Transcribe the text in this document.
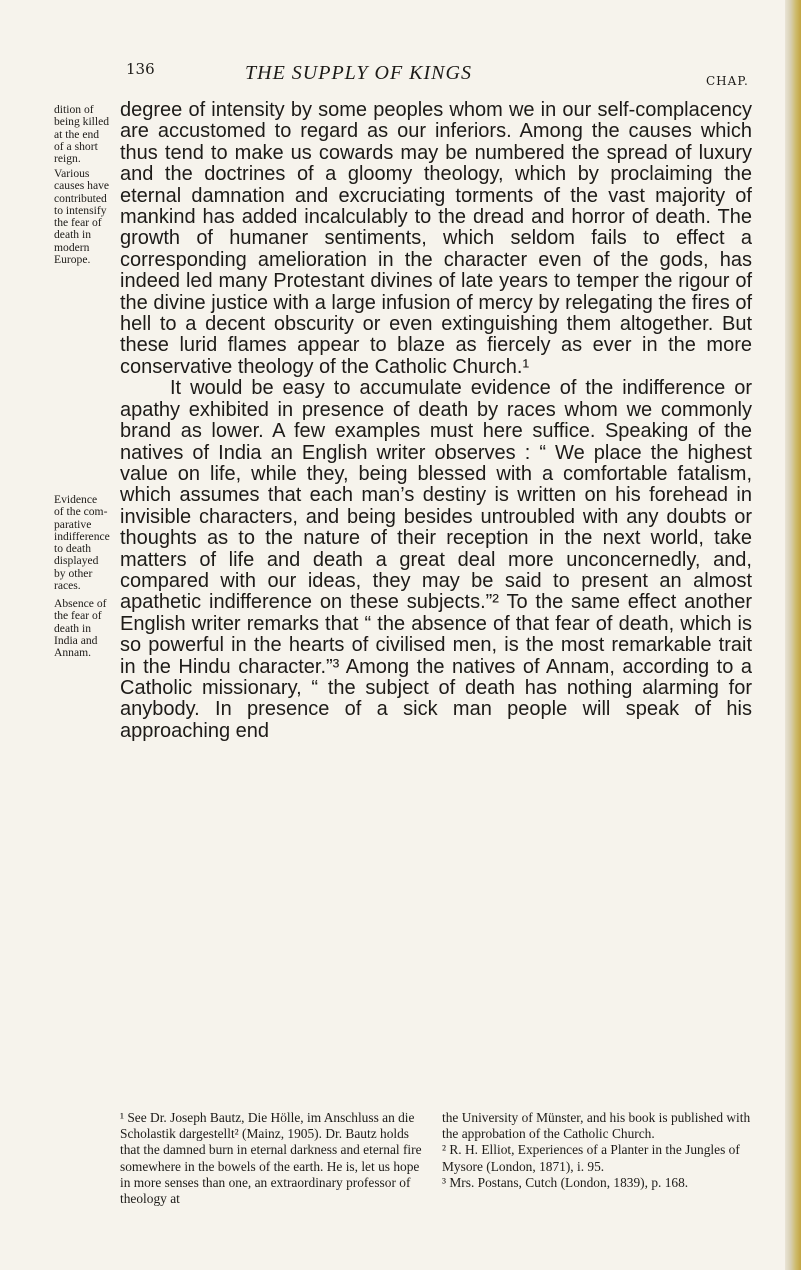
136	THE SUPPLY OF KINGS	CHAP.
dition of
being killed
at the end
of a short
reign.
Various
causes have
contributed
to intensify
the fear of
death in
modern
Europe.
Evidence
of the com-
parative
indifference
to death
displayed
by other
races.
Absence of
the fear of
death in
India and
Annam.

degree of intensity by some peoples whom we in our self-complacency are accustomed to regard as our inferiors. Among the causes which thus tend to make us cowards may be numbered the spread of luxury and the doctrines of a gloomy theology, which by proclaiming the eternal damnation and excruciating torments of the vast majority of mankind has added incalculably to the dread and horror of death. The growth of humaner sentiments, which seldom fails to effect a corresponding amelioration in the character even of the gods, has indeed led many Protestant divines of late years to temper the rigour of the divine justice with a large infusion of mercy by relegating the fires of hell to a decent obscurity or even extinguishing them altogether. But these lurid flames appear to blaze as fiercely as ever in the more conservative theology of the Catholic Church.¹

It would be easy to accumulate evidence of the indifference or apathy exhibited in presence of death by races whom we commonly brand as lower. A few examples must here suffice. Speaking of the natives of India an English writer observes : “ We place the highest value on life, while they, being blessed with a comfortable fatalism, which assumes that each man’s destiny is written on his forehead in invisible characters, and being besides untroubled with any doubts or thoughts as to the nature of their reception in the next world, take matters of life and death a great deal more unconcernedly, and, compared with our ideas, they may be said to present an almost apathetic indifference on these subjects.”² To the same effect another English writer remarks that “ the absence of that fear of death, which is so powerful in the hearts of civilised men, is the most remarkable trait in the Hindu character.”³ Among the natives of Annam, according to a Catholic missionary, “ the subject of death has nothing alarming for anybody. In presence of a sick man people will speak of his approaching end

¹ See Dr. Joseph Bautz, Die Hölle, im Anschluss an die Scholastik dargestellt² (Mainz, 1905). Dr. Bautz holds that the damned burn in eternal darkness and eternal fire somewhere in the bowels of the earth. He is, let us hope in more senses than one, an extraordinary professor of theology at

the University of Münster, and his book is published with the approbation of the Catholic Church.

² R. H. Elliot, Experiences of a Planter in the Jungles of Mysore (London, 1871), i. 95.

³ Mrs. Postans, Cutch (London, 1839), p. 168.
